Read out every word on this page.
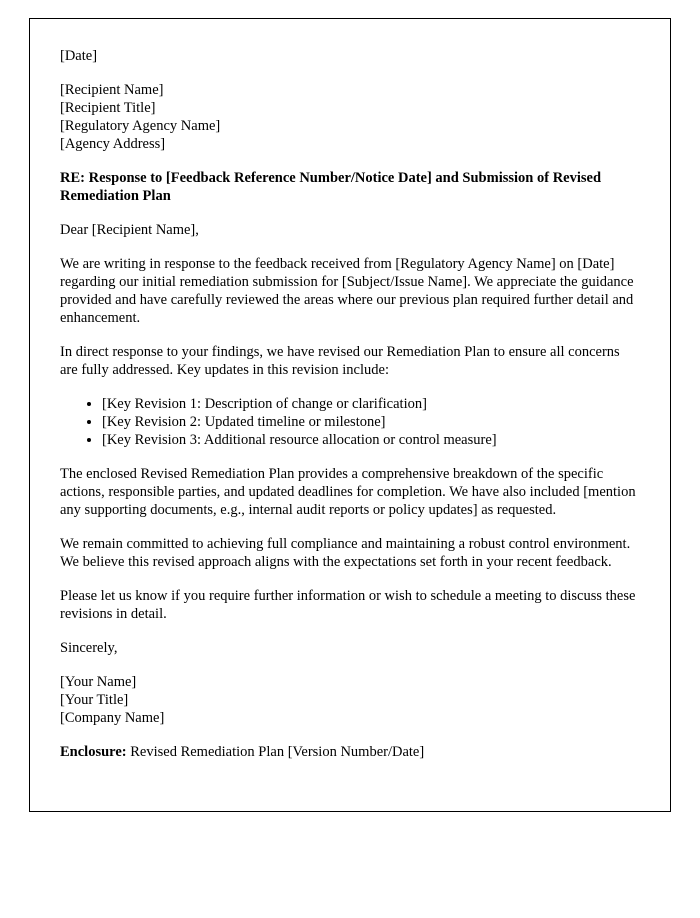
[Date]

[Recipient Name]
[Recipient Title]
[Regulatory Agency Name]
[Agency Address]

RE: Response to [Feedback Reference Number/Notice Date] and Submission of Revised Remediation Plan

Dear [Recipient Name],

We are writing in response to the feedback received from [Regulatory Agency Name] on [Date] regarding our initial remediation submission for [Subject/Issue Name]. We appreciate the guidance provided and have carefully reviewed the areas where our previous plan required further detail and enhancement.

In direct response to your findings, we have revised our Remediation Plan to ensure all concerns are fully addressed. Key updates in this revision include:

• [Key Revision 1: Description of change or clarification]
• [Key Revision 2: Updated timeline or milestone]
• [Key Revision 3: Additional resource allocation or control measure]

The enclosed Revised Remediation Plan provides a comprehensive breakdown of the specific actions, responsible parties, and updated deadlines for completion. We have also included [mention any supporting documents, e.g., internal audit reports or policy updates] as requested.

We remain committed to achieving full compliance and maintaining a robust control environment. We believe this revised approach aligns with the expectations set forth in your recent feedback.

Please let us know if you require further information or wish to schedule a meeting to discuss these revisions in detail.

Sincerely,

[Your Name]
[Your Title]
[Company Name]

Enclosure: Revised Remediation Plan [Version Number/Date]
